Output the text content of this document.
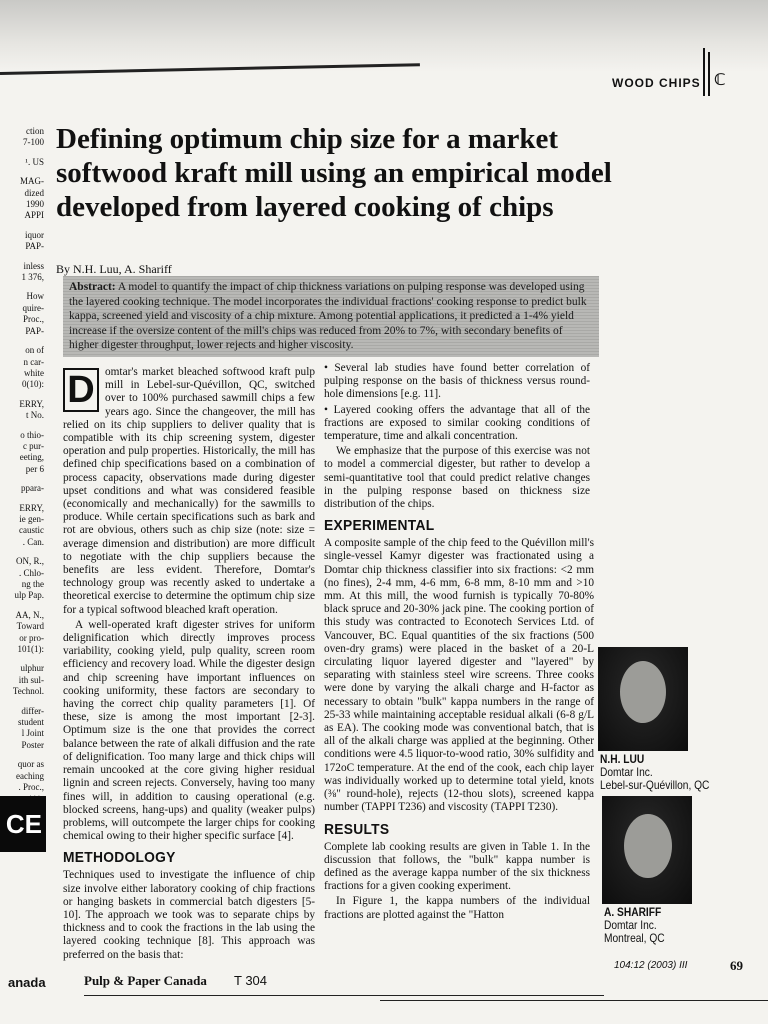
WOOD CHIPS ℂ
ction
7-100
¹. US
MAG-
dized
1990
APPI
iquor
PAP-
inless
1 376,
How
quire-
Proc.,
PAP-
on of
n car-
white
0(10):
ERRY,
t No.
o thio-
c pur-
eeting,
per 6
ppara-
ERRY,
ie gen-
caustic
. Can.
ON, R.,
. Chlo-
ng the
ulp Pap.
AA, N.,
Toward
or pro-
101(1):
ulphur
ith sul-
Technol.
differ-
student
l Joint
Poster
quor as
eaching
. Proc.,
Defining optimum chip size for a market softwood kraft mill using an empirical model developed from layered cooking of chips
By N.H. Luu, A. Shariff
Abstract: A model to quantify the impact of chip thickness variations on pulping response was developed using the layered cooking technique. The model incorporates the individual fractions' cooking response to predict bulk kappa, screened yield and viscosity of a chip mixture. Among potential applications, it predicted a 1-4% yield increase if the oversize content of the mill's chips was reduced from 20% to 7%, with secondary benefits of higher digester throughput, lower rejects and higher viscosity.

D omtar's market bleached softwood kraft pulp mill in Lebel-sur-Quévillon, QC, switched over to 100% purchased sawmill chips a few years ago. Since the changeover, the mill has relied on its chip suppliers to deliver quality that is compatible with its chip screening system, digester operation and pulp properties. Historically, the mill has defined chip specifications based on a combination of process capacity, observations made during digester upset conditions and what was considered feasible (economically and mechanically) for the sawmills to produce. While certain specifications such as bark and rot are obvious, others such as chip size (note: size = average dimension and distribution) are more difficult to negotiate with the chip suppliers because the benefits are less evident. Therefore, Domtar's technology group was recently asked to undertake a theoretical exercise to determine the optimum chip size for a typical softwood bleached kraft operation.

A well-operated kraft digester strives for uniform delignification which directly improves process variability, cooking yield, pulp quality, screen room efficiency and recovery load. While the digester design and chip screening have important influences on cooking uniformity, these factors are secondary to having the correct chip quality parameters [1]. Of these, size is among the most important [2-3]. Optimum size is the one that provides the correct balance between the rate of alkali diffusion and the rate of delignification. Too many large and thick chips will remain uncooked at the core giving higher residual lignin and screen rejects. Conversely, having too many fines will, in addition to causing operational (e.g. blocked screens, hang-ups) and quality (weaker pulps) problems, will outcompete the larger chips for cooking chemical owing to their higher specific surface [4].

METHODOLOGY

Techniques used to investigate the influence of chip size involve either laboratory cooking of chip fractions or hanging baskets in commercial batch digesters [5-10]. The approach we took was to separate chips by thickness and to cook the fractions in the lab using the layered cooking technique [8]. This approach was preferred on the basis that:

• Several lab studies have found better correlation of pulping response on the basis of thickness versus round-hole dimensions [e.g. 11].

• Layered cooking offers the advantage that all of the fractions are exposed to similar cooking conditions of temperature, time and alkali concentration.

We emphasize that the purpose of this exercise was not to model a commercial digester, but rather to develop a semi-quantitative tool that could predict relative changes in the pulping response based on thickness size distribution of the chips.

EXPERIMENTAL

A composite sample of the chip feed to the Quévillon mill's single-vessel Kamyr digester was fractionated using a Domtar chip thickness classifier into six fractions: <2 mm (no fines), 2-4 mm, 4-6 mm, 6-8 mm, 8-10 mm and >10 mm. At this mill, the wood furnish is typically 70-80% black spruce and 20-30% jack pine. The cooking portion of this study was contracted to Econotech Services Ltd. of Vancouver, BC. Equal quantities of the six fractions (500 oven-dry grams) were placed in the basket of a 20-L circulating liquor layered digester and "layered" by separating with stainless steel wire screens. Three cooks were done by varying the alkali charge and H-factor as necessary to obtain "bulk" kappa numbers in the range of 25-33 while maintaining acceptable residual alkali (6-8 g/L as EA). The cooking mode was conventional batch, that is all of the alkali charge was applied at the beginning. Other conditions were 4.5 liquor-to-wood ratio, 30% sulfidity and 172oC temperature. At the end of the cook, each chip layer was individually worked up to determine total yield, knots (⅜" round-hole), rejects (12-thou slots), screened kappa number (TAPPI T236) and viscosity (TAPPI T230).

RESULTS

Complete lab cooking results are given in Table 1. In the discussion that follows, the "bulk" kappa number is defined as the average kappa number of the six thickness fractions for a given cooking experiment.

In Figure 1, the kappa numbers of the individual fractions are plotted against the "Hatton

N.H. LUU
Domtar Inc.
Lebel-sur-Quévillon, QC
A. SHARIFF
Domtar Inc.
Montreal, QC
CE
anada	Pulp & Paper Canada T 304
104:12 (2003) III	69
